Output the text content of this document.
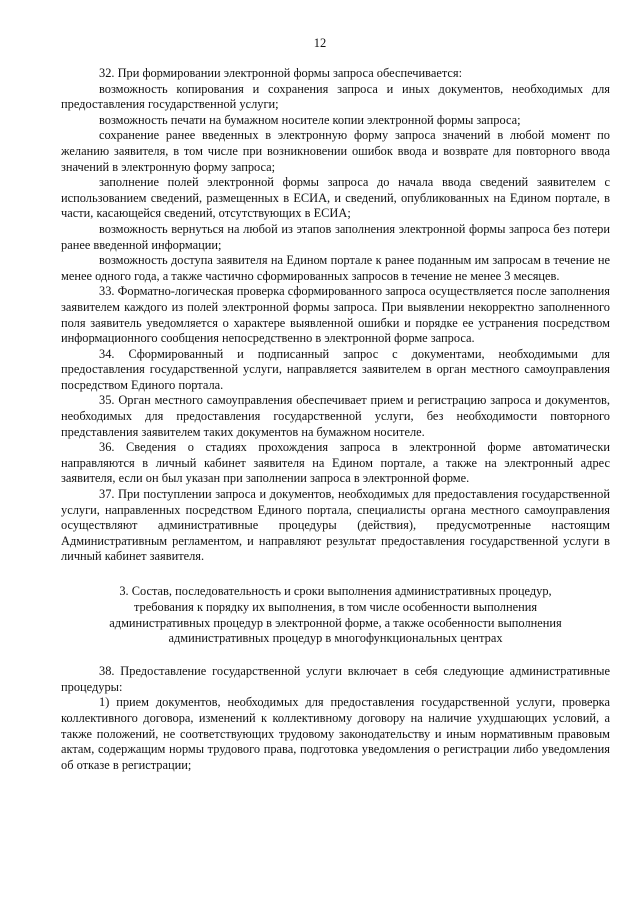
12

32. При формировании электронной формы запроса обеспечивается:

возможность копирования и сохранения запроса и иных документов, необходимых для предоставления государственной услуги;

возможность печати на бумажном носителе копии электронной формы запроса;

сохранение ранее введенных в электронную форму запроса значений в любой момент по желанию заявителя, в том числе при возникновении ошибок ввода и возврате для повторного ввода значений в электронную форму запроса;

заполнение полей электронной формы запроса до начала ввода сведений заявителем с использованием сведений, размещенных в ЕСИА, и сведений, опубликованных на Едином портале, в части, касающейся сведений, отсутствующих в ЕСИА;

возможность вернуться на любой из этапов заполнения электронной формы запроса без потери ранее введенной информации;

возможность доступа заявителя на Едином портале к ранее поданным им запросам в течение не менее одного года, а также частично сформированных запросов в течение не менее 3 месяцев.

33. Форматно-логическая проверка сформированного запроса осуществляется после заполнения заявителем каждого из полей электронной формы запроса. При выявлении некорректно заполненного поля заявитель уведомляется о характере выявленной ошибки и порядке ее устранения посредством информационного сообщения непосредственно в электронной форме запроса.

34. Сформированный и подписанный запрос с документами, необходимыми для предоставления государственной услуги, направляется заявителем в орган местного самоуправления посредством Единого портала.

35. Орган местного самоуправления обеспечивает прием и регистрацию запроса и документов, необходимых для предоставления государственной услуги, без необходимости повторного представления заявителем таких документов на бумажном носителе.

36. Сведения о стадиях прохождения запроса в электронной форме автоматически направляются в личный кабинет заявителя на Едином портале, а также на электронный адрес заявителя, если он был указан при заполнении запроса в электронной форме.

37. При поступлении запроса и документов, необходимых для предоставления государственной услуги, направленных посредством Единого портала, специалисты органа местного самоуправления осуществляют административные процедуры (действия), предусмотренные настоящим Административным регламентом, и направляют результат предоставления государственной услуги в личный кабинет заявителя.

3. Состав, последовательность и сроки выполнения административных процедур, требования к порядку их выполнения, в том числе особенности выполнения административных процедур в электронной форме, а также особенности выполнения административных процедур в многофункциональных центрах

38. Предоставление государственной услуги включает в себя следующие административные процедуры:

1) прием документов, необходимых для предоставления государственной услуги, проверка коллективного договора, изменений к коллективному договору на наличие ухудшающих условий, а также положений, не соответствующих трудовому законодательству и иным нормативным правовым актам, содержащим нормы трудового права, подготовка уведомления о регистрации либо уведомления об отказе в регистрации;
